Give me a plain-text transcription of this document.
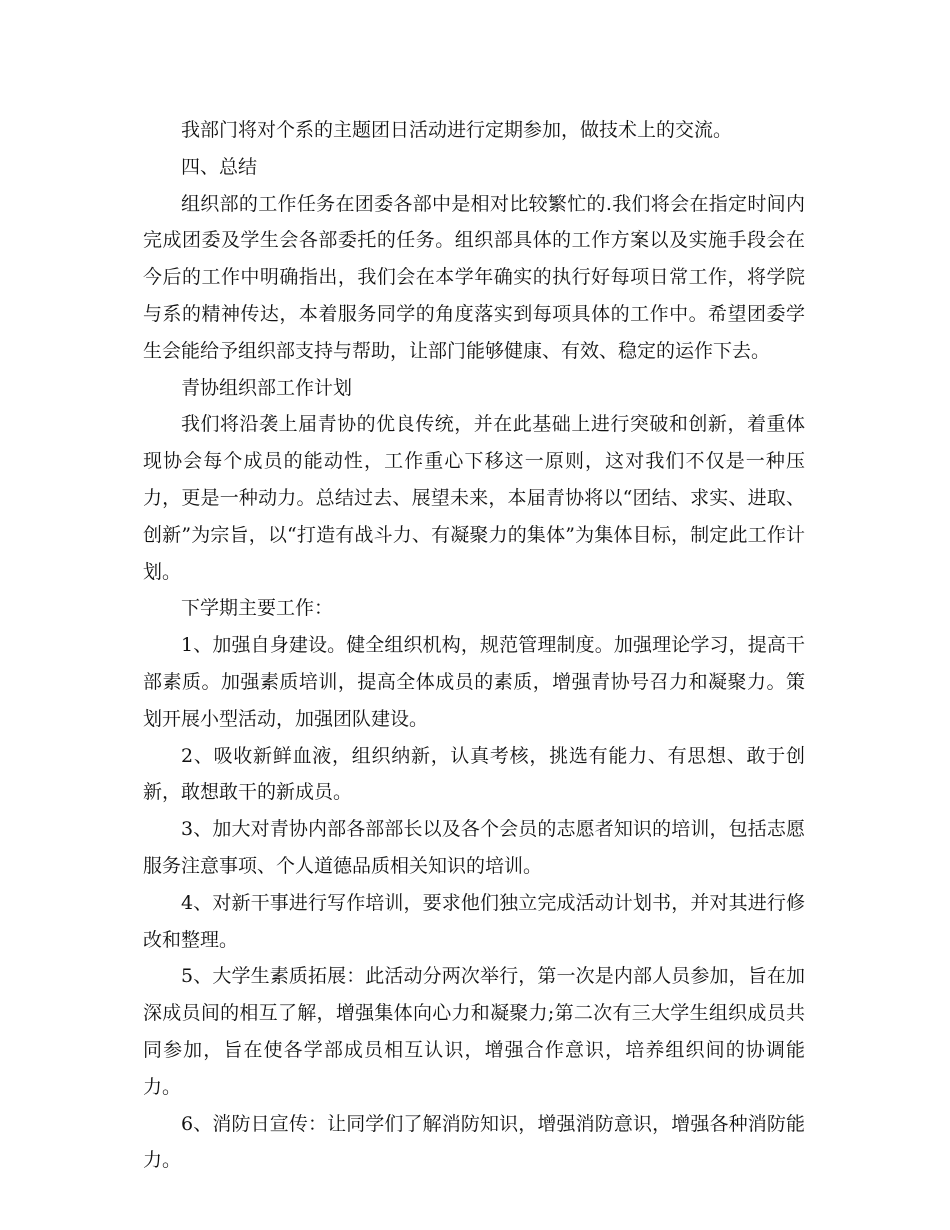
我部门将对个系的主题团日活动进行定期参加，做技术上的交流。

四、总结

组织部的工作任务在团委各部中是相对比较繁忙的.我们将会在指定时间内完成团委及学生会各部委托的任务。组织部具体的工作方案以及实施手段会在今后的工作中明确指出，我们会在本学年确实的执行好每项日常工作，将学院与系的精神传达，本着服务同学的角度落实到每项具体的工作中。希望团委学生会能给予组织部支持与帮助，让部门能够健康、有效、稳定的运作下去。

青协组织部工作计划

我们将沿袭上届青协的优良传统，并在此基础上进行突破和创新，着重体现协会每个成员的能动性，工作重心下移这一原则，这对我们不仅是一种压力，更是一种动力。总结过去、展望未来，本届青协将以“团结、求实、进取、创新”为宗旨，以“打造有战斗力、有凝聚力的集体”为集体目标，制定此工作计划。

下学期主要工作：

1、加强自身建设。健全组织机构，规范管理制度。加强理论学习，提高干部素质。加强素质培训，提高全体成员的素质，增强青协号召力和凝聚力。策划开展小型活动，加强团队建设。

2、吸收新鲜血液，组织纳新，认真考核，挑选有能力、有思想、敢于创新，敢想敢干的新成员。

3、加大对青协内部各部部长以及各个会员的志愿者知识的培训，包括志愿服务注意事项、个人道德品质相关知识的培训。

4、对新干事进行写作培训，要求他们独立完成活动计划书，并对其进行修改和整理。

5、大学生素质拓展：此活动分两次举行，第一次是内部人员参加，旨在加深成员间的相互了解，增强集体向心力和凝聚力;第二次有三大学生组织成员共同参加，旨在使各学部成员相互认识，增强合作意识，培养组织间的协调能力。

6、消防日宣传：让同学们了解消防知识，增强消防意识，增强各种消防能力。
